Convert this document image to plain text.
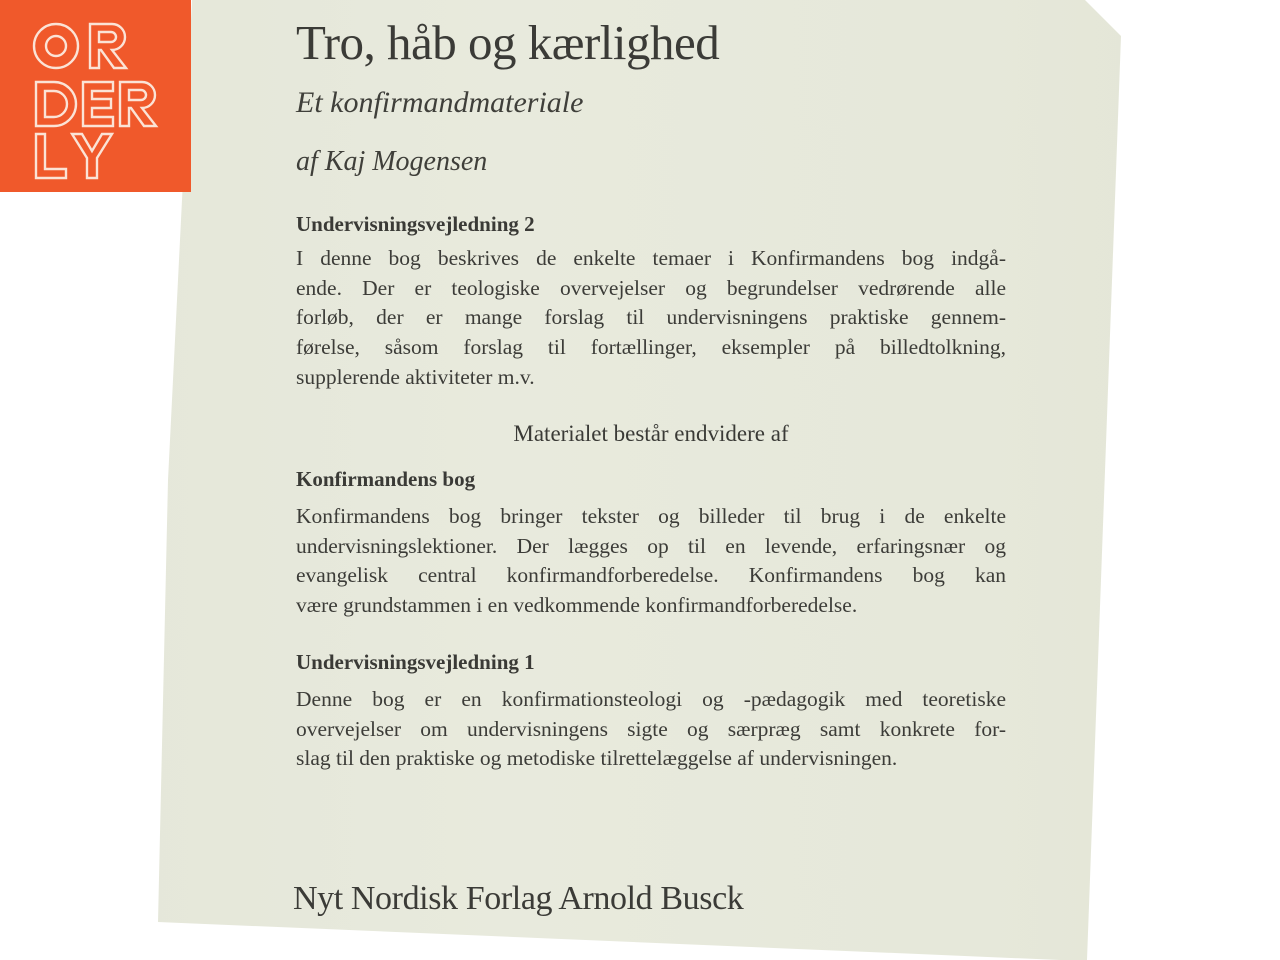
Tro, håb og kærlighed
Et konfirmandmateriale
af Kaj Mogensen
Undervisningsvejledning 2
I denne bog beskrives de enkelte temaer i Konfirmandens bog indgå-
ende. Der er teologiske overvejelser og begrundelser vedrørende alle
forløb, der er mange forslag til undervisningens praktiske gennem-
førelse, såsom forslag til fortællinger, eksempler på billedtolkning,
supplerende aktiviteter m.v.
Materialet består endvidere af
Konfirmandens bog
Konfirmandens bog bringer tekster og billeder til brug i de enkelte
undervisningslektioner. Der lægges op til en levende, erfaringsnær og
evangelisk central konfirmandforberedelse. Konfirmandens bog kan
være grundstammen i en vedkommende konfirmandforberedelse.
Undervisningsvejledning 1
Denne bog er en konfirmationsteologi og -pædagogik med teoretiske
overvejelser om undervisningens sigte og særpræg samt konkrete for-
slag til den praktiske og metodiske tilrettelæggelse af undervisningen.
Nyt Nordisk Forlag Arnold Busck
